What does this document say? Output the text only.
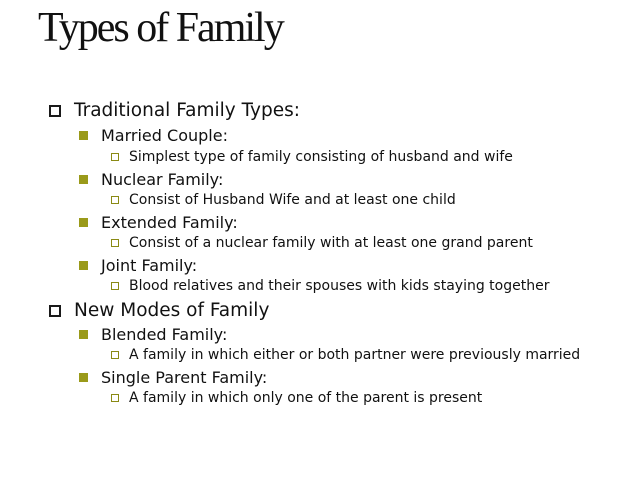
Types of Family
Traditional Family Types:
Married Couple:
Simplest type of family consisting of husband and wife
Nuclear Family:
Consist of Husband Wife and at least one child
Extended Family:
Consist of a nuclear family with at least one grand parent
Joint Family:
Blood relatives and their spouses with kids staying together
New Modes of Family
Blended Family:
A family in which either or both partner were previously married
Single Parent Family:
A family in which only one of the parent is present
